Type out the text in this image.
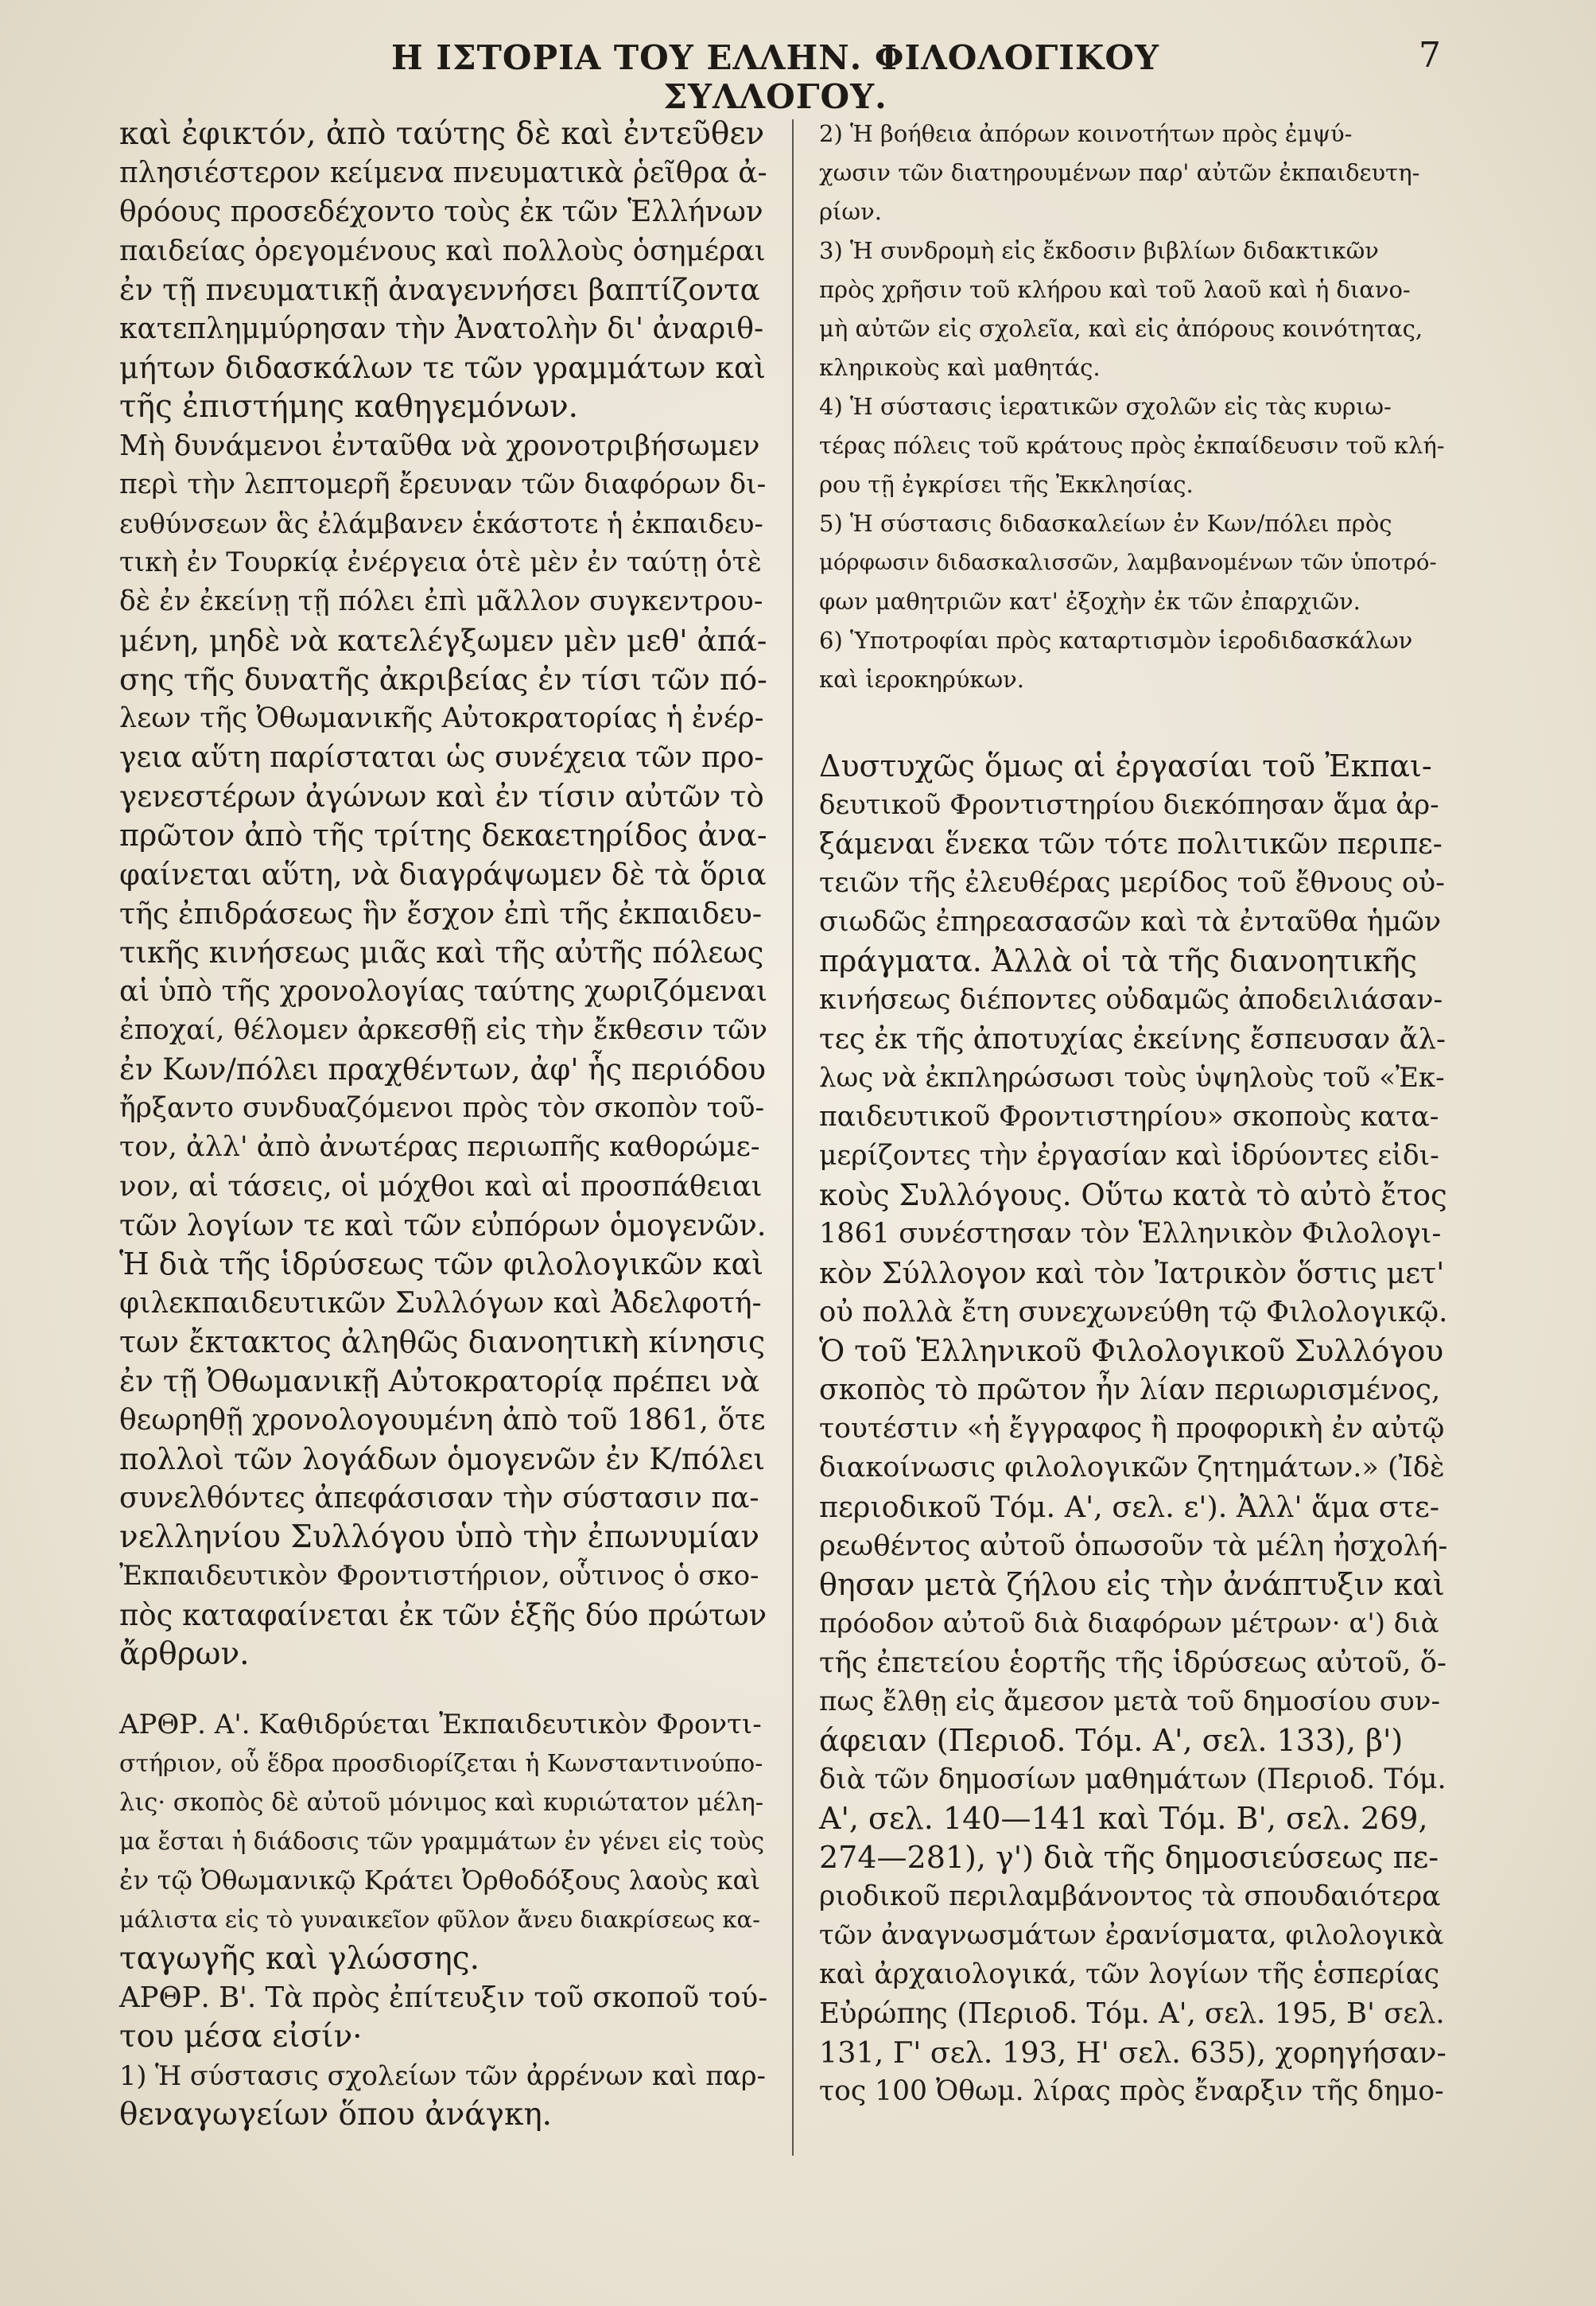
Η ΙΣΤΟΡΙΑ ΤΟΥ ΕΛΛΗΝ. ΦΙΛΟΛΟΓΙΚΟΥ ΣΥΛΛΟΓΟΥ.
7
καὶ ἐφικτόν, ἀπὸ ταύτης δὲ καὶ ἐντεῦθεν
πλησιέστερον κείμενα πνευματικὰ ῥεῖθρα ἀ-
θρόους προσεδέχοντο τοὺς ἐκ τῶν Ἑλλήνων
παιδείας ὀρεγομένους καὶ πολλοὺς ὁσημέραι
ἐν τῇ πνευματικῇ ἀναγεννήσει βαπτίζοντα
κατεπλημμύρησαν τὴν Ἀνατολὴν δι' ἀναριθ-
μήτων διδασκάλων τε τῶν γραμμάτων καὶ
τῆς ἐπιστήμης καθηγεμόνων.
Μὴ δυνάμενοι ἐνταῦθα νὰ χρονοτριβήσωμεν
περὶ τὴν λεπτομερῆ ἔρευναν τῶν διαφόρων δι-
ευθύνσεων ἃς ἐλάμβανεν ἑκάστοτε ἡ ἐκπαιδευ-
τικὴ ἐν Τουρκίᾳ ἐνέργεια ὁτὲ μὲν ἐν ταύτῃ ὁτὲ
δὲ ἐν ἐκείνῃ τῇ πόλει ἐπὶ μᾶλλον συγκεντρου-
μένη, μηδὲ νὰ κατελέγξωμεν μὲν μεθ' ἀπά-
σης τῆς δυνατῆς ἀκριβείας ἐν τίσι τῶν πό-
λεων τῆς Ὀθωμανικῆς Αὐτοκρατορίας ἡ ἐνέρ-
γεια αὕτη παρίσταται ὡς συνέχεια τῶν προ-
γενεστέρων ἀγώνων καὶ ἐν τίσιν αὐτῶν τὸ
πρῶτον ἀπὸ τῆς τρίτης δεκαετηρίδος ἀνα-
φαίνεται αὕτη, νὰ διαγράψωμεν δὲ τὰ ὅρια
τῆς ἐπιδράσεως ἣν ἔσχον ἐπὶ τῆς ἐκπαιδευ-
τικῆς κινήσεως μιᾶς καὶ τῆς αὐτῆς πόλεως
αἱ ὑπὸ τῆς χρονολογίας ταύτης χωριζόμεναι
ἐποχαί, θέλομεν ἀρκεσθῇ εἰς τὴν ἔκθεσιν τῶν
ἐν Κων/πόλει πραχθέντων, ἀφ' ἧς περιόδου
ἤρξαντο συνδυαζόμενοι πρὸς τὸν σκοπὸν τοῦ-
τον, ἀλλ' ἀπὸ ἀνωτέρας περιωπῆς καθορώμε-
νον, αἱ τάσεις, οἱ μόχθοι καὶ αἱ προσπάθειαι
τῶν λογίων τε καὶ τῶν εὐπόρων ὁμογενῶν.
Ἡ διὰ τῆς ἱδρύσεως τῶν φιλολογικῶν καὶ
φιλεκπαιδευτικῶν Συλλόγων καὶ Ἀδελφοτή-
των ἔκτακτος ἀληθῶς διανοητικὴ κίνησις
ἐν τῇ Ὀθωμανικῇ Αὐτοκρατορίᾳ πρέπει νὰ
θεωρηθῇ χρονολογουμένη ἀπὸ τοῦ 1861, ὅτε
πολλοὶ τῶν λογάδων ὁμογενῶν ἐν Κ/πόλει
συνελθόντες ἀπεφάσισαν τὴν σύστασιν πα-
νελληνίου Συλλόγου ὑπὸ τὴν ἐπωνυμίαν
Ἐκπαιδευτικὸν Φροντιστήριον, οὗτινος ὁ σκο-
πὸς καταφαίνεται ἐκ τῶν ἑξῆς δύο πρώτων
ἄρθρων.
ΑΡΘΡ. Α'. Καθιδρύεται Ἐκπαιδευτικὸν Φροντι-
στήριον, οὗ ἕδρα προσδιορίζεται ἡ Κωνσταντινούπο-
λις· σκοπὸς δὲ αὐτοῦ μόνιμος καὶ κυριώτατον μέλη-
μα ἔσται ἡ διάδοσις τῶν γραμμάτων ἐν γένει εἰς τοὺς
ἐν τῷ Ὀθωμανικῷ Κράτει Ὀρθοδόξους λαοὺς καὶ
μάλιστα εἰς τὸ γυναικεῖον φῦλον ἄνευ διακρίσεως κα-
ταγωγῆς καὶ γλώσσης.
ΑΡΘΡ. Β'. Τὰ πρὸς ἐπίτευξιν τοῦ σκοποῦ τού-
του μέσα εἰσίν·
1) Ἡ σύστασις σχολείων τῶν ἀρρένων καὶ παρ-
θεναγωγείων ὅπου ἀνάγκη.
2) Ἡ βοήθεια ἀπόρων κοινοτήτων πρὸς ἐμψύ-
χωσιν τῶν διατηρουμένων παρ' αὐτῶν ἐκπαιδευτη-
ρίων.
3) Ἡ συνδρομὴ εἰς ἔκδοσιν βιβλίων διδακτικῶν
πρὸς χρῆσιν τοῦ κλήρου καὶ τοῦ λαοῦ καὶ ἡ διανο-
μὴ αὐτῶν εἰς σχολεῖα, καὶ εἰς ἀπόρους κοινότητας,
κληρικοὺς καὶ μαθητάς.
4) Ἡ σύστασις ἱερατικῶν σχολῶν εἰς τὰς κυριω-
τέρας πόλεις τοῦ κράτους πρὸς ἐκπαίδευσιν τοῦ κλή-
ρου τῇ ἐγκρίσει τῆς Ἐκκλησίας.
5) Ἡ σύστασις διδασκαλείων ἐν Κων/πόλει πρὸς
μόρφωσιν διδασκαλισσῶν, λαμβανομένων τῶν ὑποτρό-
φων μαθητριῶν κατ' ἐξοχὴν ἐκ τῶν ἐπαρχιῶν.
6) Ὑποτροφίαι πρὸς καταρτισμὸν ἱεροδιδασκάλων
καὶ ἱεροκηρύκων.
Δυστυχῶς ὅμως αἱ ἐργασίαι τοῦ Ἐκπαι-
δευτικοῦ Φροντιστηρίου διεκόπησαν ἅμα ἀρ-
ξάμεναι ἕνεκα τῶν τότε πολιτικῶν περιπε-
τειῶν τῆς ἐλευθέρας μερίδος τοῦ ἔθνους οὐ-
σιωδῶς ἐπηρεασασῶν καὶ τὰ ἐνταῦθα ἡμῶν
πράγματα. Ἀλλὰ οἱ τὰ τῆς διανοητικῆς
κινήσεως διέποντες οὐδαμῶς ἀποδειλιάσαν-
τες ἐκ τῆς ἀποτυχίας ἐκείνης ἔσπευσαν ἄλ-
λως νὰ ἐκπληρώσωσι τοὺς ὑψηλοὺς τοῦ «Ἐκ-
παιδευτικοῦ Φροντιστηρίου» σκοποὺς κατα-
μερίζοντες τὴν ἐργασίαν καὶ ἱδρύοντες εἰδι-
κοὺς Συλλόγους. Οὕτω κατὰ τὸ αὐτὸ ἔτος
1861 συνέστησαν τὸν Ἑλληνικὸν Φιλολογι-
κὸν Σύλλογον καὶ τὸν Ἰατρικὸν ὅστις μετ'
οὐ πολλὰ ἔτη συνεχωνεύθη τῷ Φιλολογικῷ.
Ὁ τοῦ Ἑλληνικοῦ Φιλολογικοῦ Συλλόγου
σκοπὸς τὸ πρῶτον ἦν λίαν περιωρισμένος,
τουτέστιν «ἡ ἔγγραφος ἢ προφορικὴ ἐν αὐτῷ
διακοίνωσις φιλολογικῶν ζητημάτων.» (Ἰδὲ
περιοδικοῦ Τόμ. Α', σελ. ε'). Ἀλλ' ἅμα στε-
ρεωθέντος αὐτοῦ ὁπωσοῦν τὰ μέλη ἠσχολή-
θησαν μετὰ ζήλου εἰς τὴν ἀνάπτυξιν καὶ
πρόοδον αὐτοῦ διὰ διαφόρων μέτρων· α') διὰ
τῆς ἐπετείου ἑορτῆς τῆς ἱδρύσεως αὐτοῦ, ὅ-
πως ἔλθῃ εἰς ἄμεσον μετὰ τοῦ δημοσίου συν-
άφειαν (Περιοδ. Τόμ. Α', σελ. 133), β')
διὰ τῶν δημοσίων μαθημάτων (Περιοδ. Τόμ.
Α', σελ. 140—141 καὶ Τόμ. Β', σελ. 269,
274—281), γ') διὰ τῆς δημοσιεύσεως πε-
ριοδικοῦ περιλαμβάνοντος τὰ σπουδαιότερα
τῶν ἀναγνωσμάτων ἐρανίσματα, φιλολογικὰ
καὶ ἀρχαιολογικά, τῶν λογίων τῆς ἑσπερίας
Εὐρώπης (Περιοδ. Τόμ. Α', σελ. 195, Β' σελ.
131, Γ' σελ. 193, Η' σελ. 635), χορηγήσαν-
τος 100 Ὀθωμ. λίρας πρὸς ἔναρξιν τῆς δημο-
